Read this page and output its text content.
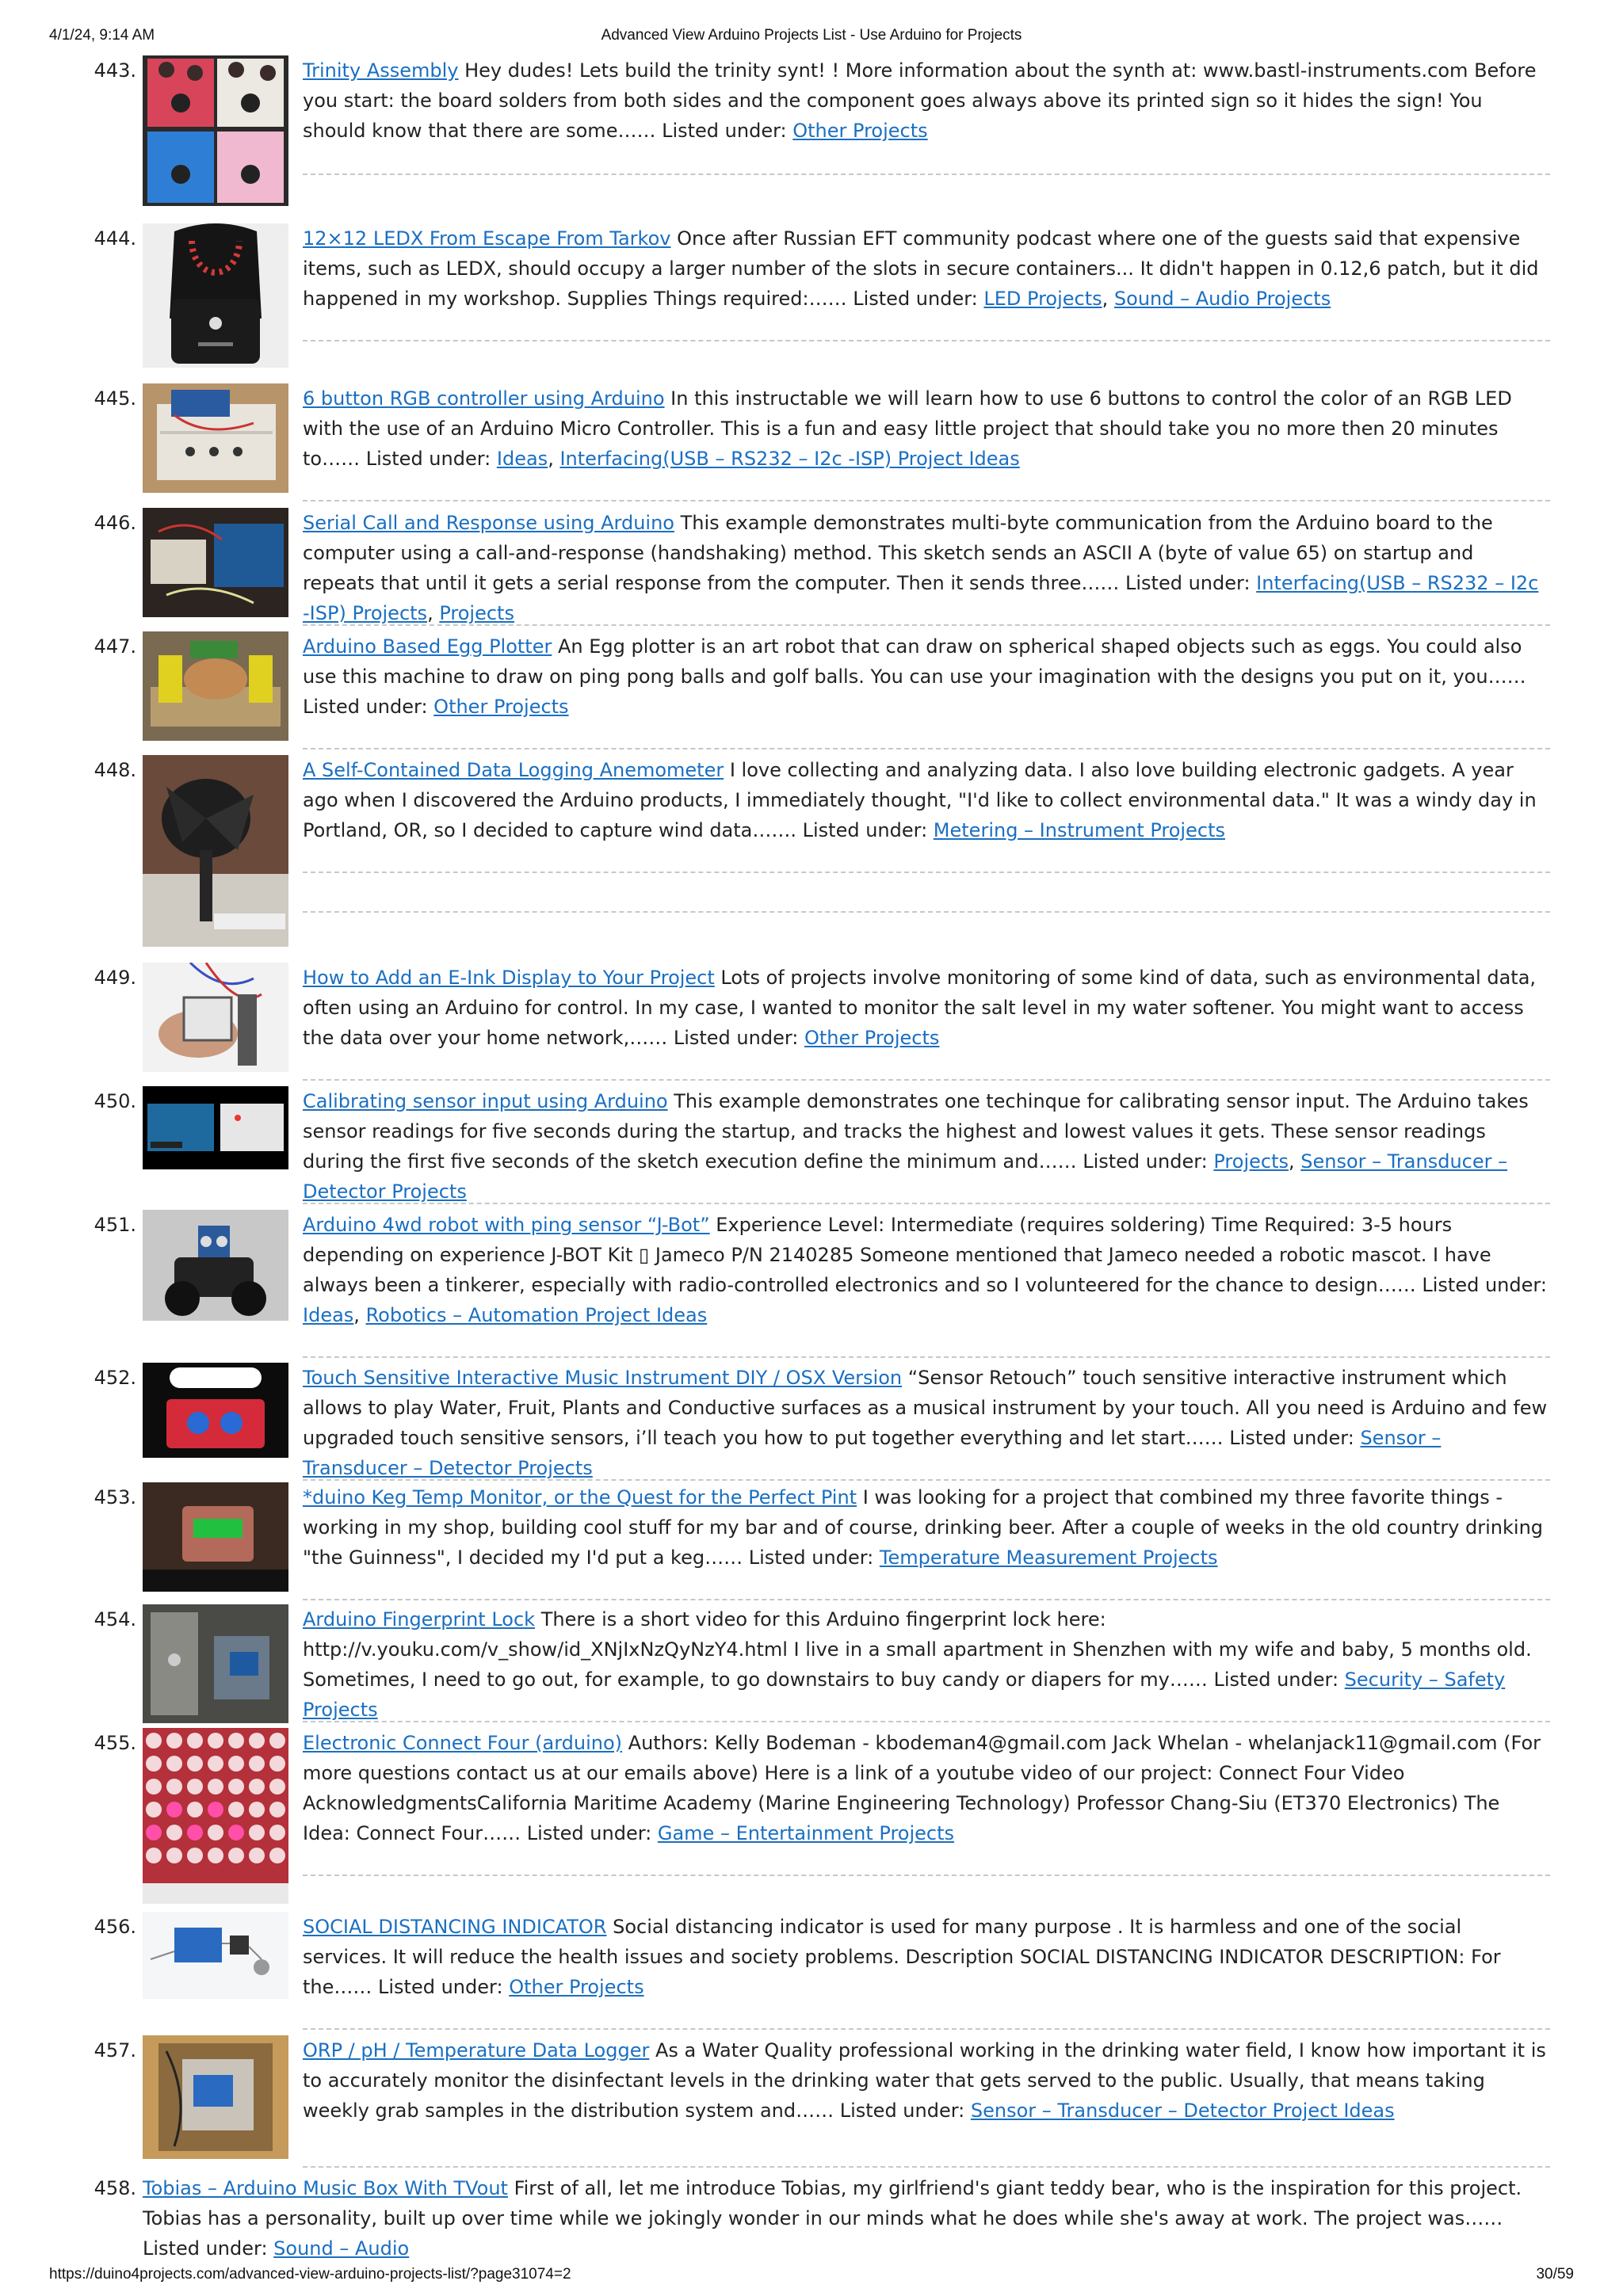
4/1/24, 9:14 AM	Advanced View Arduino Projects List - Use Arduino for Projects
443.	Trinity Assembly Hey dudes! Lets build the trinity synt! ! More information about the synth at: www.bastl-instruments.com Before you start: the board solders from both sides and the component goes always above its printed sign so it hides the sign! You should know that there are some…… Listed under: Other Projects
444.	12×12 LEDX From Escape From Tarkov Once after Russian EFT community podcast where one of the guests said that expensive items, such as LEDX, should occupy a larger number of the slots in secure containers... It didn't happen in 0.12,6 patch, but it did happened in my workshop. Supplies Things required:…… Listed under: LED Projects, Sound – Audio Projects
445.	6 button RGB controller using Arduino In this instructable we will learn how to use 6 buttons to control the color of an RGB LED with the use of an Arduino Micro Controller. This is a fun and easy little project that should take you no more then 20 minutes to…… Listed under: Ideas, Interfacing(USB – RS232 – I2c -ISP) Project Ideas
446.	Serial Call and Response using Arduino This example demonstrates multi-byte communication from the Arduino board to the computer using a call-and-response (handshaking) method. This sketch sends an ASCII A (byte of value 65) on startup and repeats that until it gets a serial response from the computer. Then it sends three…… Listed under: Interfacing(USB – RS232 – I2c -ISP) Projects, Projects
447.	Arduino Based Egg Plotter An Egg plotter is an art robot that can draw on spherical shaped objects such as eggs. You could also use this machine to draw on ping pong balls and golf balls. You can use your imagination with the designs you put on it, you…… Listed under: Other Projects
448.	A Self-Contained Data Logging Anemometer I love collecting and analyzing data. I also love building electronic gadgets. A year ago when I discovered the Arduino products, I immediately thought, "I'd like to collect environmental data." It was a windy day in Portland, OR, so I decided to capture wind data……. Listed under: Metering – Instrument Projects
449.	How to Add an E-Ink Display to Your Project Lots of projects involve monitoring of some kind of data, such as environmental data, often using an Arduino for control. In my case, I wanted to monitor the salt level in my water softener. You might want to access the data over your home network,…… Listed under: Other Projects
450.	Calibrating sensor input using Arduino This example demonstrates one techinque for calibrating sensor input. The Arduino takes sensor readings for five seconds during the startup, and tracks the highest and lowest values it gets. These sensor readings during the first five seconds of the sketch execution define the minimum and…… Listed under: Projects, Sensor – Transducer – Detector Projects
451.	Arduino 4wd robot with ping sensor “J-Bot” Experience Level: Intermediate (requires soldering) Time Required: 3-5 hours depending on experience J-BOT Kit ▯ Jameco P/N 2140285 Someone mentioned that Jameco needed a robotic mascot. I have always been a tinkerer, especially with radio-controlled electronics and so I volunteered for the chance to design…… Listed under: Ideas, Robotics – Automation Project Ideas
452.	Touch Sensitive Interactive Music Instrument DIY / OSX Version “Sensor Retouch” touch sensitive interactive instrument which allows to play Water, Fruit, Plants and Conductive surfaces as a musical instrument by your touch. All you need is Arduino and few upgraded touch sensitive sensors, i’ll teach you how to put together everything and let start…… Listed under: Sensor – Transducer – Detector Projects
453.	*duino Keg Temp Monitor, or the Quest for the Perfect Pint I was looking for a project that combined my three favorite things - working in my shop, building cool stuff for my bar and of course, drinking beer. After a couple of weeks in the old country drinking "the Guinness", I decided my I'd put a keg…… Listed under: Temperature Measurement Projects
454.	Arduino Fingerprint Lock There is a short video for this Arduino fingerprint lock here: http://v.youku.com/v_show/id_XNjIxNzQyNzY4.html I live in a small apartment in Shenzhen with my wife and baby, 5 months old. Sometimes, I need to go out, for example, to go downstairs to buy candy or diapers for my…… Listed under: Security – Safety Projects
455.	Electronic Connect Four (arduino) Authors: Kelly Bodeman - kbodeman4@gmail.com Jack Whelan - whelanjack11@gmail.com (For more questions contact us at our emails above) Here is a link of a youtube video of our project: Connect Four Video AcknowledgmentsCalifornia Maritime Academy (Marine Engineering Technology) Professor Chang-Siu (ET370 Electronics) The Idea: Connect Four…… Listed under: Game – Entertainment Projects
456.	SOCIAL DISTANCING INDICATOR Social distancing indicator is used for many purpose . It is harmless and one of the social services. It will reduce the health issues and society problems. Description SOCIAL DISTANCING INDICATOR DESCRIPTION: For the…… Listed under: Other Projects
457.	ORP / pH / Temperature Data Logger As a Water Quality professional working in the drinking water field, I know how important it is to accurately monitor the disinfectant levels in the drinking water that gets served to the public. Usually, that means taking weekly grab samples in the distribution system and…… Listed under: Sensor – Transducer – Detector Project Ideas
458. Tobias – Arduino Music Box With TVout First of all, let me introduce Tobias, my girlfriend's giant teddy bear, who is the inspiration for this project. Tobias has a personality, built up over time while we jokingly wonder in our minds what he does while she's away at work. The project was…… Listed under: Sound – Audio
https://duino4projects.com/advanced-view-arduino-projects-list/?page31074=2	30/59
